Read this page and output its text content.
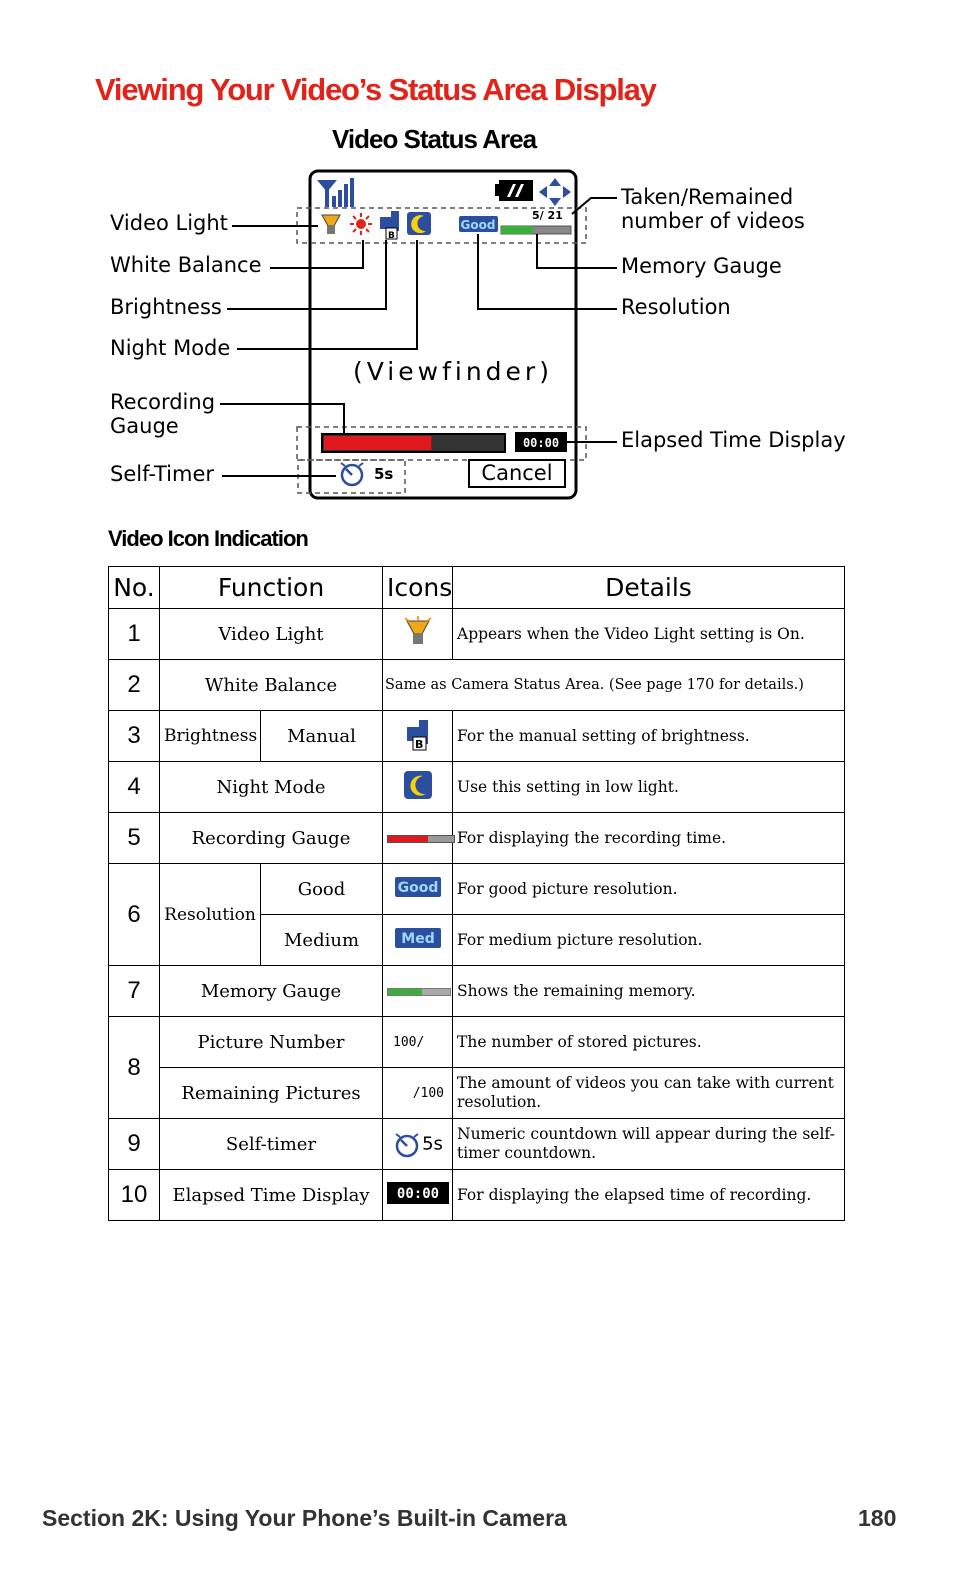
Viewing Your Video’s Status Area Display
Video Status Area
B
Good
00:00
Video Light
White Balance
Brightness
Night Mode
Recording Gauge
Self-Timer
Taken/Remained number of videos
Memory Gauge
Resolution
Elapsed Time Display
(Viewfinder)
Cancel
5s
5/ 21
Video Icon Indication
No.	Function		Icons	Details
1	Video Light			Appears when the Video Light setting is On.
2	White Balance		Same as Camera Status Area. (See page 170 for details.)	
3	Brightness	Manual	B	For the manual setting of brightness.
4	Night Mode			Use this setting in low light.
5	Recording Gauge			For displaying the recording time.
6	Resolution	Good	Good	For good picture resolution.
		Medium	Med	For medium picture resolution.
7	Memory Gauge			Shows the remaining memory.
8	Picture Number		100/	The number of stored pictures.
	Remaining Pictures		/100	The amount of videos you can take with current resolution.
9	Self-timer		5s	Numeric countdown will appear during the self-timer countdown.
10	Elapsed Time Display		00:00	For displaying the elapsed time of recording.
Section 2K: Using Your Phone’s Built-in Camera	180
